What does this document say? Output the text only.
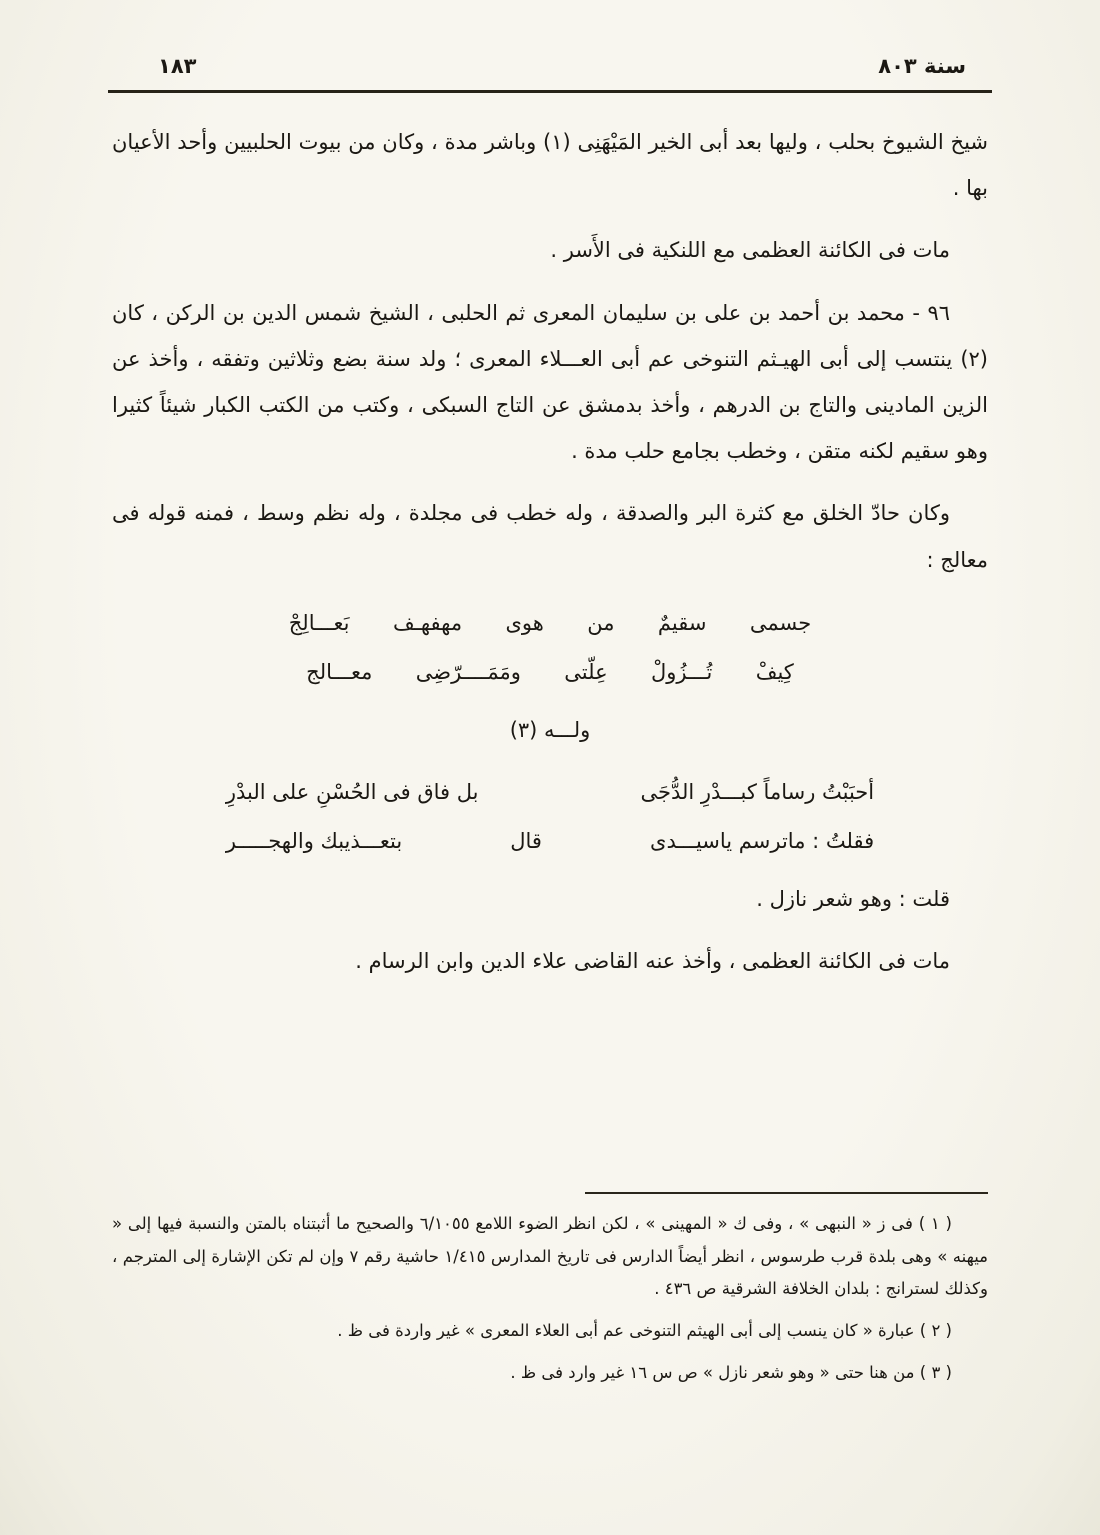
سنة ٨٠٣
١٨٣

شيخ الشيوخ بحلب ، وليها بعد أبى الخير المَيْهَنِى (١) وباشر مدة ، وكان من بيوت الحلبيين وأحد الأعيان بها .

مات فى الكائنة العظمى مع اللنكية فى الأَسر .

٩٦ - محمد بن أحمد بن على بن سليمان المعرى ثم الحلبى ، الشيخ شمس الدين بن الركن ، كان (٢) ينتسب إلى أبى الهيـثم التنوخى عم أبى العـــلاء المعرى ؛ ولد سنة بضع وثلاثين وتفقه ، وأخذ عن الزين المادينى والتاج بن الدرهم ، وأخذ بدمشق عن التاج السبكى ، وكتب من الكتب الكبار شيئاً كثيرا وهو سقيم لكنه متقن ، وخطب بجامع حلب مدة .

وكان حادّ الخلق مع كثرة البر والصدقة ، وله خطب فى مجلدة ، وله نظم وسط ، فمنه قوله فى معالج :

جسمى سقيمٌ من هوى مهفهـف بَعـــالِجْ
كِيفْ تُـــزُولْ عِلّتى ومَمَــــرّضِى معـــالج

ولـــه (٣)

أحبَبْتُ رساماً كبـــدْرِ الدُّجَى
بل فاق فى الحُسْنِ على البدْرِ
فقلتُ : ماترسم ياسيـــدى
قال
بتعـــذيبك والهجـــــر

قلت : وهو شعر نازل .

مات فى الكائنة العظمى ، وأخذ عنه القاضى علاء الدين وابن الرسام .

( ١ ) فى ز « النبهى » ، وفى ك « المهينى » ، لكن انظر الضوء اللامع ٦/١٠٥٥ والصحيح ما أثبتناه بالمتن والنسبة فيها إلى « ميهنه » وهى بلدة قرب طرسوس ، انظر أيضاً الدارس فى تاريخ المدارس ١/٤١٥ حاشية رقم ٧ وإن لم تكن الإشارة إلى المترجم ، وكذلك لسترانج : بلدان الخلافة الشرقية ص ٤٣٦ .

( ٢ ) عبارة « كان ينسب إلى أبى الهيثم التنوخى عم أبى العلاء المعرى » غير واردة فى ظ .

( ٣ ) من هنا حتى « وهو شعر نازل » ص س ١٦ غير وارد فى ظ .
